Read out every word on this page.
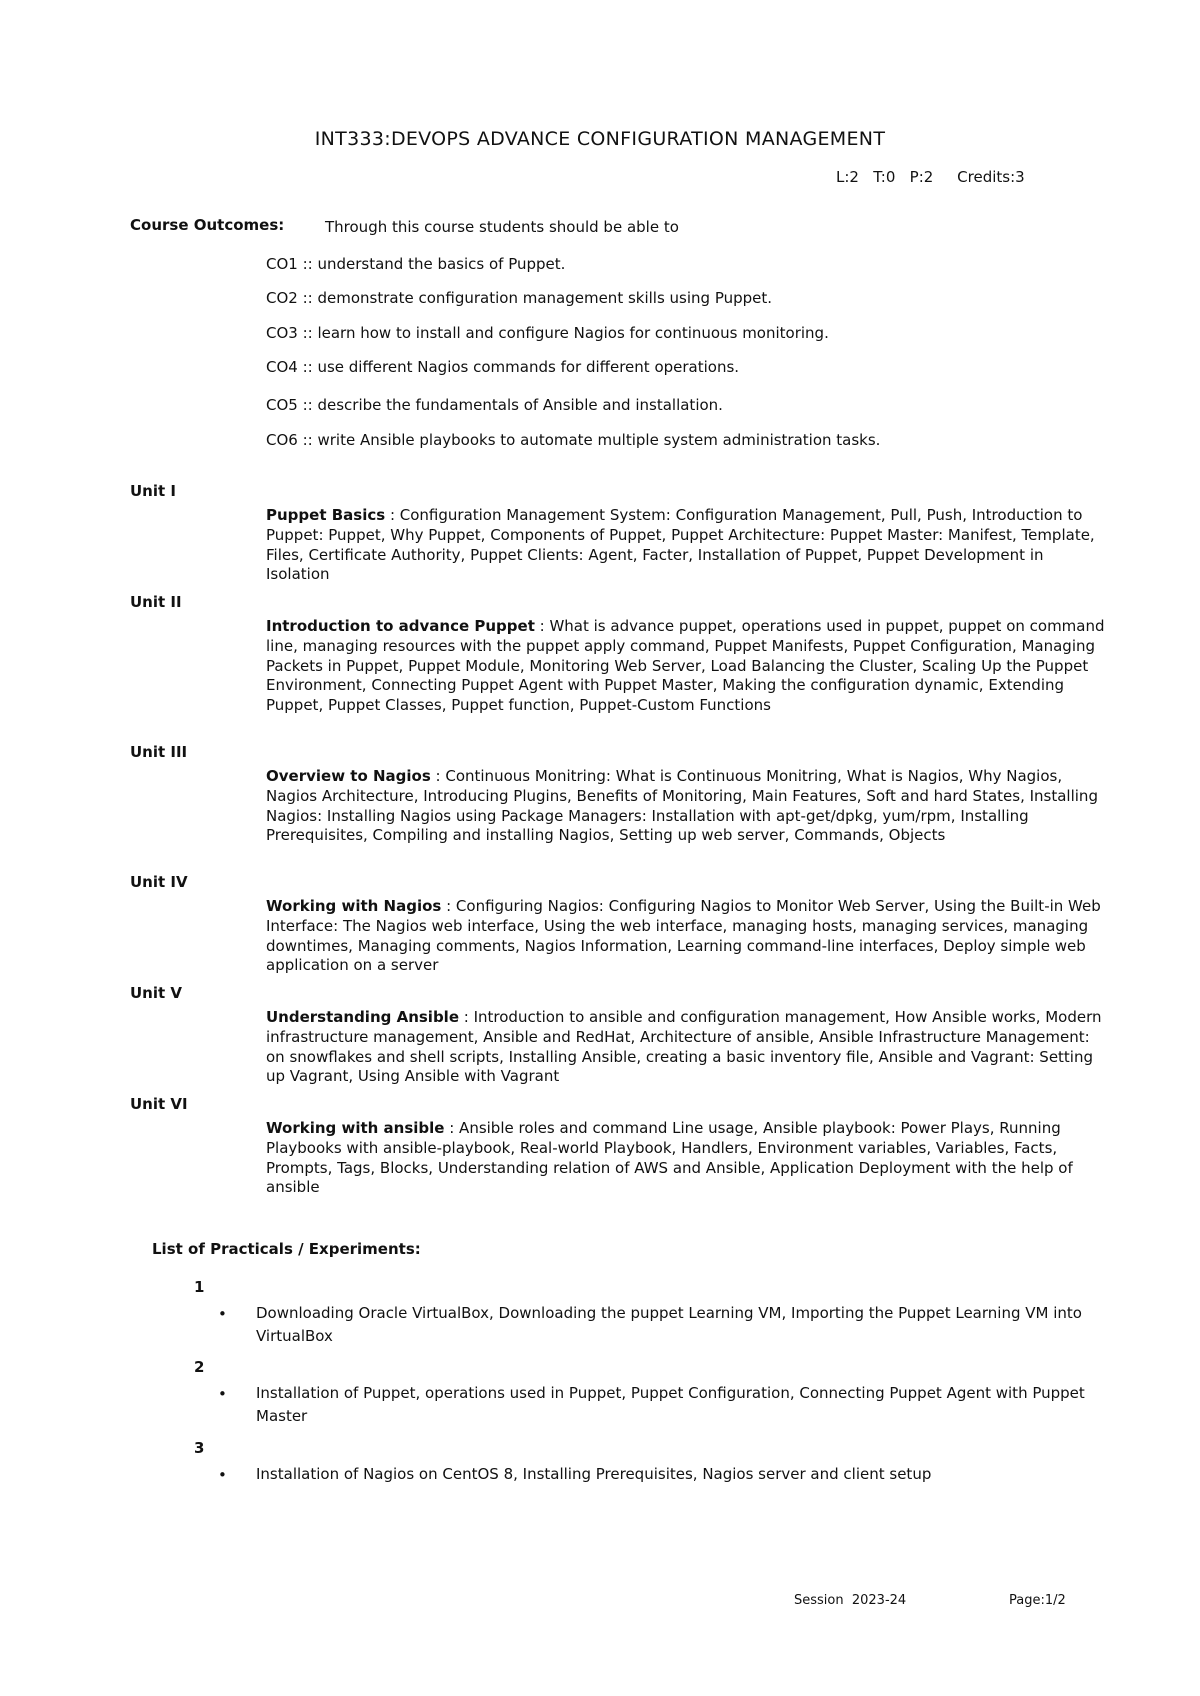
INT333:DEVOPS ADVANCE CONFIGURATION MANAGEMENT
L:2   T:0   P:2     Credits:3
Course Outcomes:	Through this course students should be able to
CO1 :: understand the basics of Puppet.
CO2 :: demonstrate configuration management skills using Puppet.
CO3 :: learn how to install and configure Nagios for continuous monitoring.
CO4 :: use different Nagios commands for different operations.
CO5 :: describe the fundamentals of Ansible and installation.
CO6 :: write Ansible playbooks to automate multiple system administration tasks.
Unit I
Puppet Basics : Configuration Management System: Configuration Management, Pull, Push, Introduction to Puppet: Puppet, Why Puppet, Components of Puppet, Puppet Architecture: Puppet Master: Manifest, Template, Files, Certificate Authority, Puppet Clients: Agent, Facter, Installation of Puppet, Puppet Development in Isolation
Unit II
Introduction to advance Puppet : What is advance puppet, operations used in puppet, puppet on command line, managing resources with the puppet apply command, Puppet Manifests, Puppet Configuration, Managing Packets in Puppet, Puppet Module, Monitoring Web Server, Load Balancing the Cluster, Scaling Up the Puppet Environment, Connecting Puppet Agent with Puppet Master, Making the configuration dynamic, Extending Puppet, Puppet Classes, Puppet function, Puppet-Custom Functions
Unit III
Overview to Nagios : Continuous Monitring: What is Continuous Monitring, What is Nagios, Why Nagios, Nagios Architecture, Introducing Plugins, Benefits of Monitoring, Main Features, Soft and hard States, Installing Nagios: Installing Nagios using Package Managers: Installation with apt-get/dpkg, yum/rpm, Installing Prerequisites, Compiling and installing Nagios, Setting up web server, Commands, Objects
Unit IV
Working with Nagios : Configuring Nagios: Configuring Nagios to Monitor Web Server, Using the Built-in Web Interface: The Nagios web interface, Using the web interface, managing hosts, managing services, managing downtimes, Managing comments, Nagios Information, Learning command-line interfaces, Deploy simple web application on a server
Unit V
Understanding Ansible : Introduction to ansible and configuration management, How Ansible works, Modern infrastructure management, Ansible and RedHat, Architecture of ansible, Ansible Infrastructure Management: on snowflakes and shell scripts, Installing Ansible, creating a basic inventory file, Ansible and Vagrant: Setting up Vagrant, Using Ansible with Vagrant
Unit VI
Working with ansible : Ansible roles and command Line usage, Ansible playbook: Power Plays, Running Playbooks with ansible-playbook, Real-world Playbook, Handlers, Environment variables, Variables, Facts, Prompts, Tags, Blocks, Understanding relation of AWS and Ansible, Application Deployment with the help of ansible
List of Practicals / Experiments:
1
• Downloading Oracle VirtualBox, Downloading the puppet Learning VM, Importing the Puppet Learning VM into VirtualBox
2
• Installation of Puppet, operations used in Puppet, Puppet Configuration, Connecting Puppet Agent with Puppet Master
3
• Installation of Nagios on CentOS 8, Installing Prerequisites, Nagios server and client setup
Session  2023-24	Page:1/2
